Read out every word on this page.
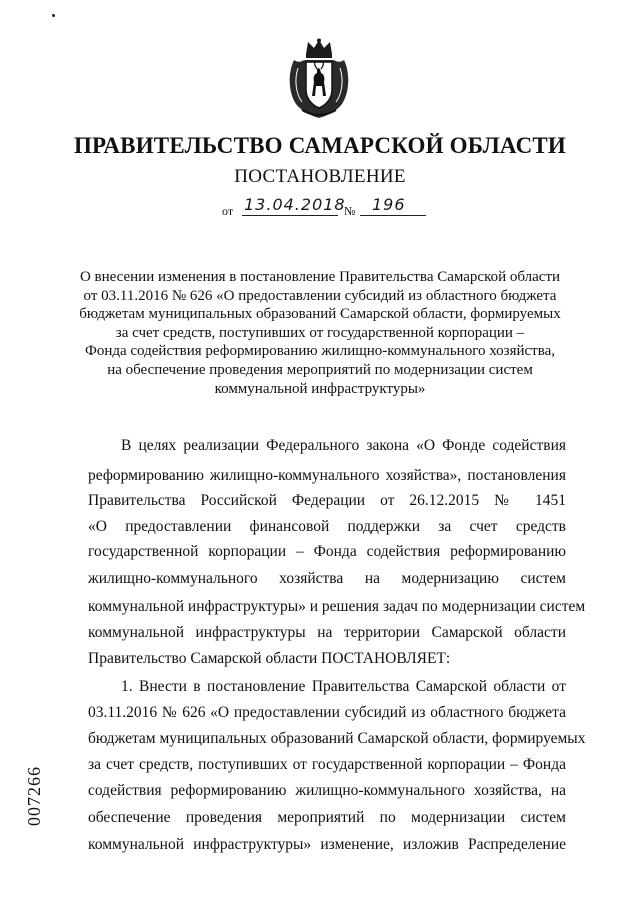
ПРАВИТЕЛЬСТВО САМАРСКОЙ ОБЛАСТИ
ПОСТАНОВЛЕНИЕ
от 13.04.2018
№ 196
О внесении изменения в постановление Правительства Самарской области
от 03.11.2016 № 626 «О предоставлении субсидий из областного бюджета
бюджетам муниципальных образований Самарской области, формируемых
за счет средств, поступивших от государственной корпорации –
Фонда содействия реформированию жилищно-коммунального хозяйства,
на обеспечение проведения мероприятий по модернизации систем
коммунальной инфраструктуры»
В целях реализации Федерального закона «О Фонде содействия
реформированию жилищно-коммунального хозяйства», постановления
Правительства Российской Федерации от 26.12.2015 № 1451
«О предоставлении финансовой поддержки за счет средств
государственной корпорации – Фонда содействия реформированию
жилищно-коммунального хозяйства на модернизацию систем
коммунальной инфраструктуры» и решения задач по модернизации систем
коммунальной инфраструктуры на территории Самарской области
Правительство Самарской области ПОСТАНОВЛЯЕТ:
1. Внести в постановление Правительства Самарской области от
03.11.2016 № 626 «О предоставлении субсидий из областного бюджета
бюджетам муниципальных образований Самарской области, формируемых
за счет средств, поступивших от государственной корпорации – Фонда
содействия реформированию жилищно-коммунального хозяйства, на
обеспечение проведения мероприятий по модернизации систем
коммунальной инфраструктуры» изменение, изложив Распределение
007266
